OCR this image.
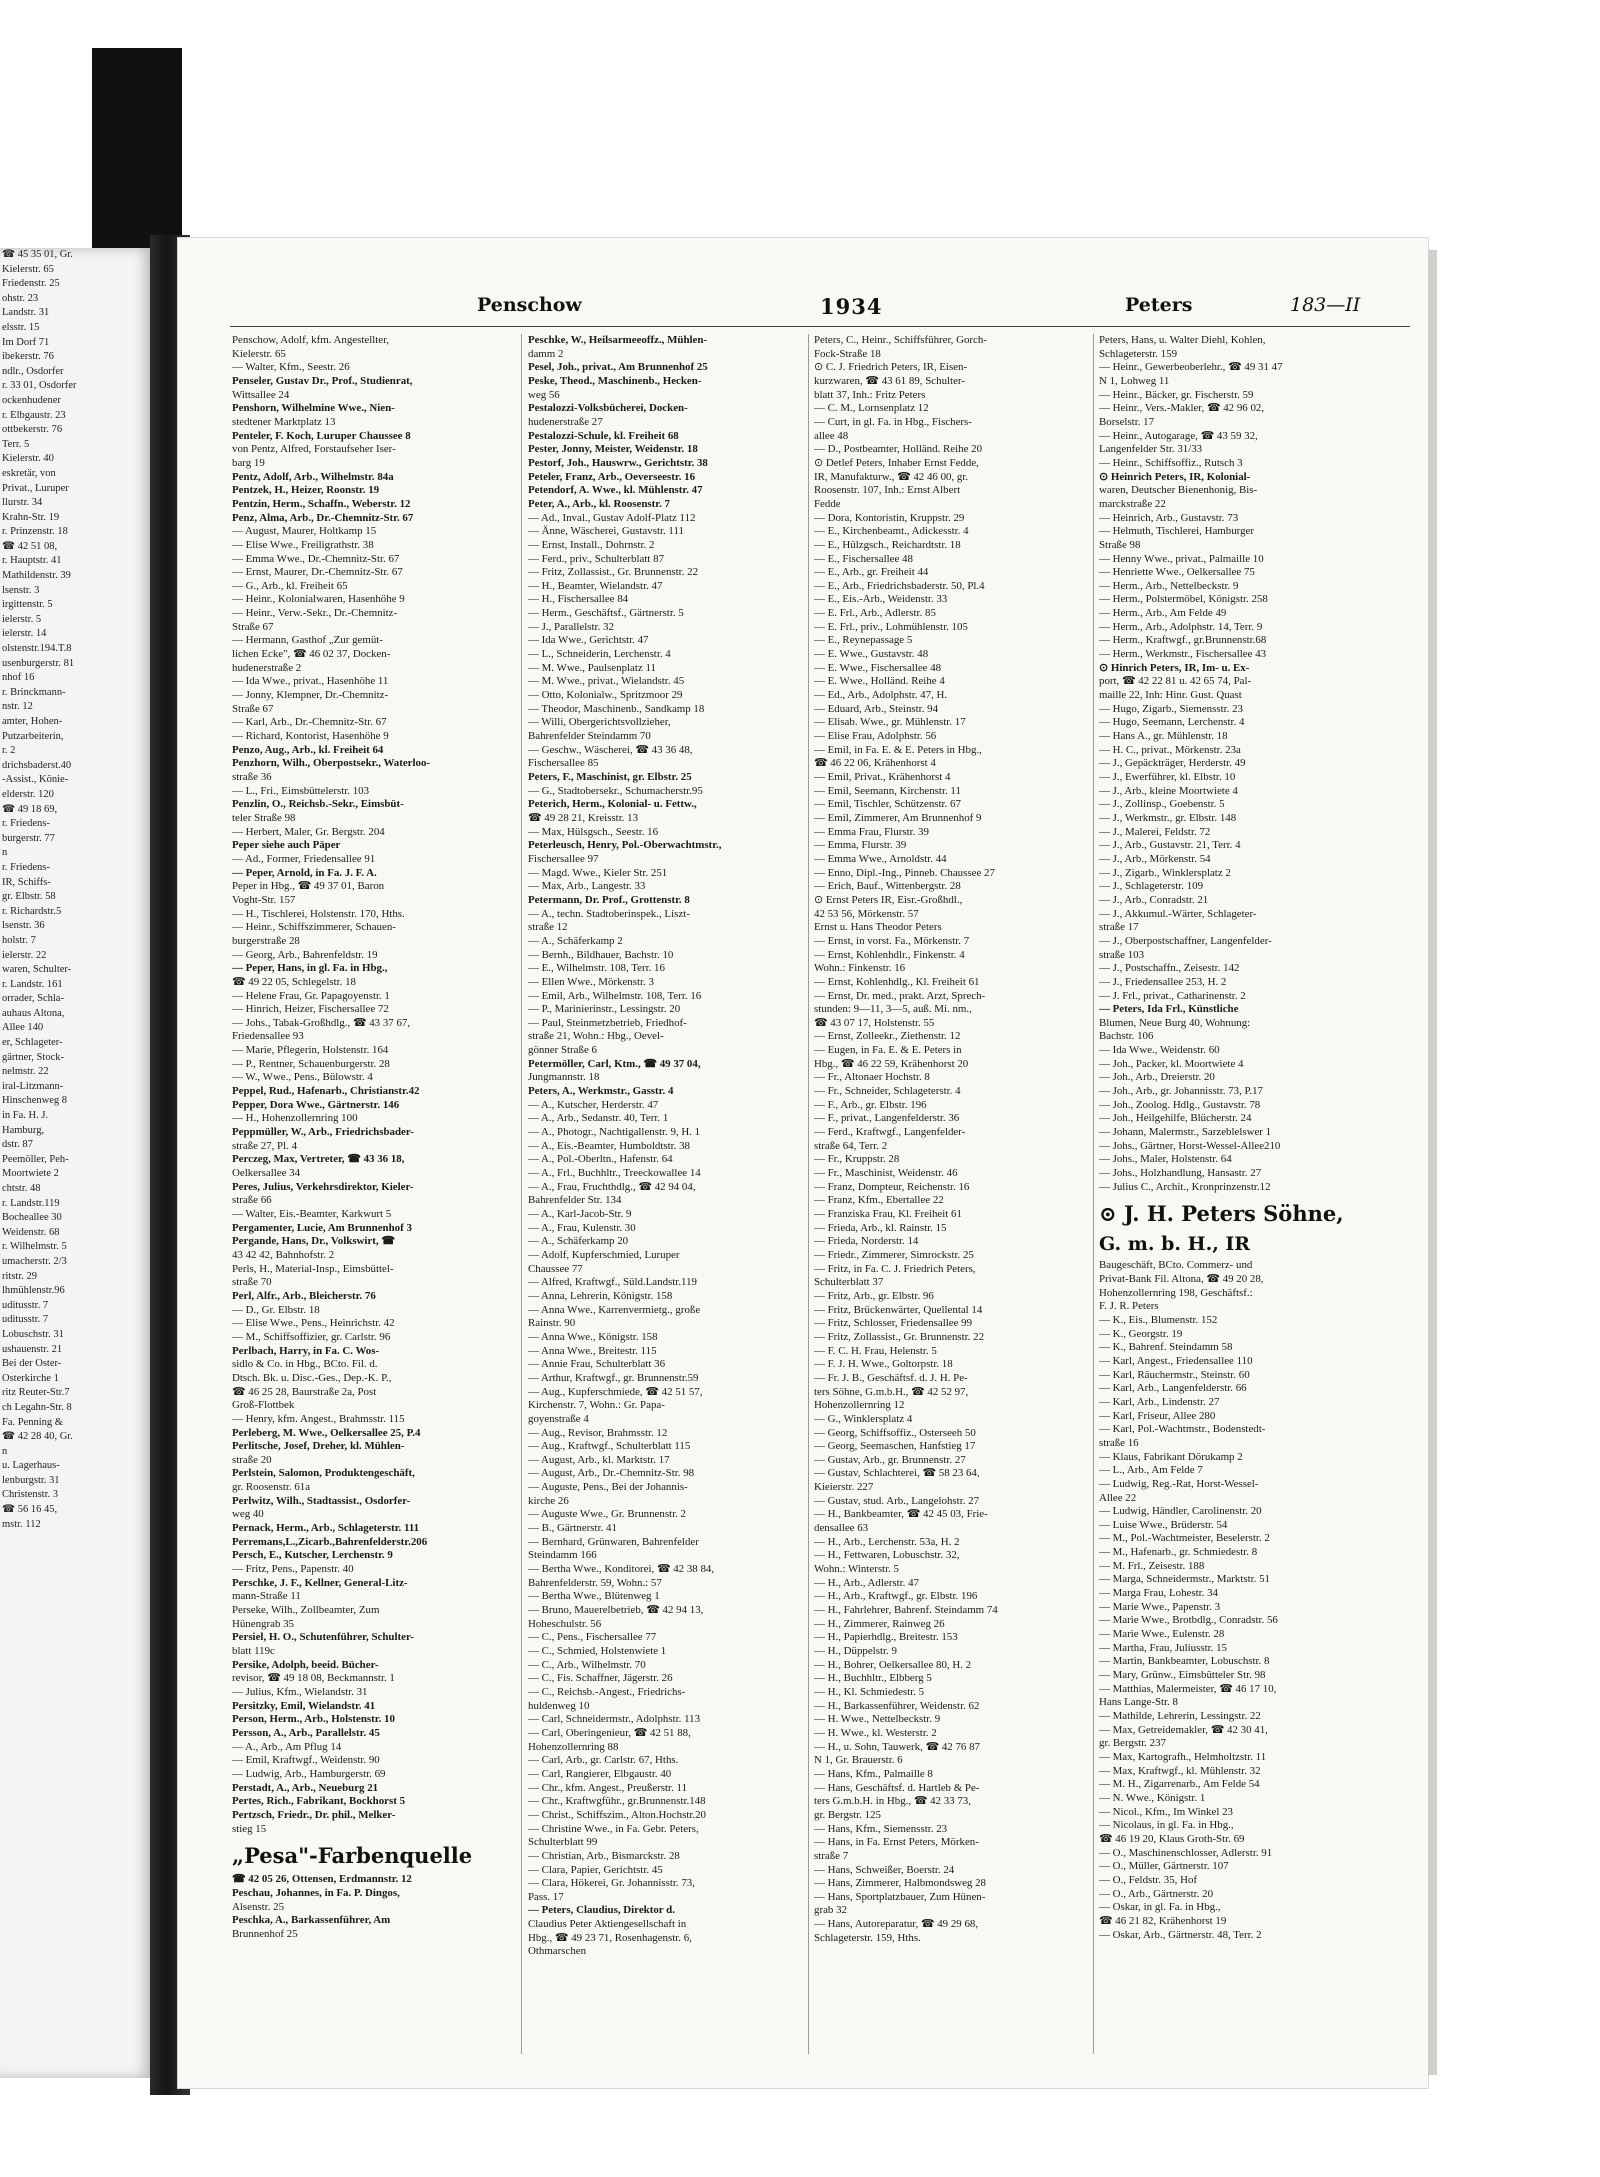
☎ 45 35 01, Gr.
Kielerstr. 65
Friedenstr. 25
ohstr. 23
Landstr. 31
elsstr. 15
Im Dorf 71
ibekerstr. 76
ndlr., Osdorfer
r. 33 01, Osdorfer
ockenhudener
r. Elbgaustr. 23
ottbekerstr. 76
Terr. 5
Kielerstr. 40
eskretär, von
Privat., Luruper
llurstr. 34
Krahn-Str. 19
r. Prinzenstr. 18
☎ 42 51 08,
r. Hauptstr. 41
Mathildenstr. 39
lsenstr. 3
irgittenstr. 5
ielerstr. 5
ielerstr. 14
olstenstr.194.T.8
usenburgerstr. 81
nhof 16
r. Brinckmann-
nstr. 12
amter, Hohen-
Putzarbeiterin,
r. 2
drichsbaderst.40
-Assist., Könie-
elderstr. 120
☎ 49 18 69,
r. Friedens-
burgerstr. 77
n
r. Friedens-
IR, Schiffs-
gr. Elbstr. 58
r. Richardstr.5
lsenstr. 36
holstr. 7
ielerstr. 22
waren, Schulter-
r. Landstr. 161
orrader, Schla-
auhaus Altona,
Allee 140
er, Schlageter-
gärtner, Stock-
nelmstr. 22
iral-Litzmann-
Hinschenweg 8
in Fa. H. J.
Hamburg,
dstr. 87
Peemöller, Peh-
Moortwiete 2
chtstr. 48
r. Landstr.119
Bocheallee 30
Weidenstr. 68
r. Wilhelmstr. 5
umacherstr. 2/3
ritstr. 29
lhmühlenstr.96
uditusstr. 7
uditusstr. 7
Lobuschstr. 31
ushauenstr. 21
Bei der Oster-
Osterkirche 1
ritz Reuter-Str.7
ch Legahn-Str. 8
Fa. Penning &
☎ 42 28 40, Gr.
n
u. Lagerhaus-
lenburgstr. 31
Christenstr. 3
☎ 56 16 45,
mstr. 112
Penschow	1934	Peters	183—II
Penschow, Adolf, kfm. Angestellter,
Kielerstr. 65
— Walter, Kfm., Seestr. 26
Penseler, Gustav Dr., Prof., Studienrat,
Wittsallee 24
Penshorn, Wilhelmine Wwe., Nien-
stedtener Marktplatz 13
Penteler, F. Koch, Luruper Chaussee 8
von Pentz, Alfred, Forstaufseher Iser-
barg 19
Pentz, Adolf, Arb., Wilhelmstr. 84a
Pentzek, H., Heizer, Roonstr. 19
Pentzin, Herm., Schaffn., Weberstr. 12
Penz, Alma, Arb., Dr.-Chemnitz-Str. 67
— August, Maurer, Holtkamp 15
— Elise Wwe., Freiligrathstr. 38
— Emma Wwe., Dr.-Chemnitz-Str. 67
— Ernst, Maurer, Dr.-Chemnitz-Str. 67
— G., Arb., kl. Freiheit 65
— Heinr., Kolonialwaren, Hasenhöhe 9
— Heinr., Verw.-Sekr., Dr.-Chemnitz-
Straße 67
— Hermann, Gasthof „Zur gemüt-
lichen Ecke", ☎ 46 02 37, Docken-
hudenerstraße 2
— Ida Wwe., privat., Hasenhöhe 11
— Jonny, Klempner, Dr.-Chemnitz-
Straße 67
— Karl, Arb., Dr.-Chemnitz-Str. 67
— Richard, Kontorist, Hasenhöhe 9
Penzo, Aug., Arb., kl. Freiheit 64
Penzhorn, Wilh., Oberpostsekr., Waterloo-
straße 36
— L., Fri., Eimsbüttelerstr. 103
Penzlin, O., Reichsb.-Sekr., Eimsbüt-
teler Straße 98
— Herbert, Maler, Gr. Bergstr. 204
Peper siehe auch Päper
— Ad., Former, Friedensallee 91
— Peper, Arnold, in Fa. J. F. A.
Peper in Hbg., ☎ 49 37 01, Baron
Voght-Str. 157
— H., Tischlerei, Holstenstr. 170, Hths.
— Heinr., Schiffszimmerer, Schauen-
burgerstraße 28
— Georg, Arb., Bahrenfeldstr. 19
— Peper, Hans, in gl. Fa. in Hbg.,
☎ 49 22 05, Schlegelstr. 18
— Helene Frau, Gr. Papagoyenstr. 1
— Hinrich, Heizer, Fischersallee 72
— Johs., Tabak-Großhdlg., ☎ 43 37 67,
Friedensallee 93
— Marie, Pflegerin, Holstenstr. 164
— P., Rentner, Schauenburgerstr. 28
— W., Wwe., Pens., Bülowstr. 4
Peppel, Rud., Hafenarb., Christianstr.42
Pepper, Dora Wwe., Gärtnerstr. 146
— H., Hohenzollernring 100
Peppmüller, W., Arb., Friedrichsbader-
straße 27, Pl. 4
Perczeg, Max, Vertreter, ☎ 43 36 18,
Oelkersallee 34
Peres, Julius, Verkehrsdirektor, Kieler-
straße 66
— Walter, Eis.-Beamter, Karkwurt 5
Pergamenter, Lucie, Am Brunnenhof 3
Pergande, Hans, Dr., Volkswirt, ☎
43 42 42, Bahnhofstr. 2
Perls, H., Material-Insp., Eimsbüttel-
straße 70
Perl, Alfr., Arb., Bleicherstr. 76
— D., Gr. Elbstr. 18
— Elise Wwe., Pens., Heinrichstr. 42
— M., Schiffsoffizier, gr. Carlstr. 96
Perlbach, Harry, in Fa. C. Wos-
sidlo & Co. in Hbg., BCto. Fil. d.
Dtsch. Bk. u. Disc.-Ges., Dep.-K. P.,
☎ 46 25 28, Baurstraße 2a, Post
Groß-Flottbek
— Henry, kfm. Angest., Brahmsstr. 115
Perleberg, M. Wwe., Oelkersallee 25, P.4
Perlitsche, Josef, Dreher, kl. Mühlen-
straße 20
Perlstein, Salomon, Produktengeschäft,
gr. Roosenstr. 61a
Perlwitz, Wilh., Stadtassist., Osdorfer-
weg 40
Pernack, Herm., Arb., Schlageterstr. 111
Perremans,L.,Zicarb.,Bahrenfelderstr.206
Persch, E., Kutscher, Lerchenstr. 9
— Fritz, Pens., Papenstr. 40
Perschke, J. F., Kellner, General-Litz-
mann-Straße 11
Perseke, Wilh., Zollbeamter, Zum
Hünengrab 35
Persiel, H. O., Schutenführer, Schulter-
blatt 119c
Persike, Adolph, beeid. Bücher-
revisor, ☎ 49 18 08, Beckmannstr. 1
— Julius, Kfm., Wielandstr. 31
Persitzky, Emil, Wielandstr. 41
Person, Herm., Arb., Holstenstr. 10
Persson, A., Arb., Parallelstr. 45
— A., Arb., Am Pflug 14
— Emil, Kraftwgf., Weidenstr. 90
— Ludwig, Arb., Hamburgerstr. 69
Perstadt, A., Arb., Neueburg 21
Pertes, Rich., Fabrikant, Bockhorst 5
Pertzsch, Friedr., Dr. phil., Melker-
stieg 15
„Pesa"-Farbenquelle
☎ 42 05 26, Ottensen, Erdmannstr. 12
Peschau, Johannes, in Fa. P. Dingos,
Alsenstr. 25
Peschka, A., Barkassenführer, Am
Brunnenhof 25
Peschke, W., Heilsarmeeoffz., Mühlen-
damm 2
Pesel, Joh., privat., Am Brunnenhof 25
Peske, Theod., Maschinenb., Hecken-
weg 56
Pestalozzi-Volksbücherei, Docken-
hudenerstraße 27
Pestalozzi-Schule, kl. Freiheit 68
Pester, Jonny, Meister, Weidenstr. 18
Pestorf, Joh., Hauswrw., Gerichtstr. 38
Peteler, Franz, Arb., Oeverseestr. 16
Petendorf, A. Wwe., kl. Mühlenstr. 47
Peter, A., Arb., kl. Roosenstr. 7
— Ad., Inval., Gustav Adolf-Platz 112
— Änne, Wäscherei, Gustavstr. 111
— Ernst, Install., Dohrnstr. 2
— Ferd., priv., Schulterblatt 87
— Fritz, Zollassist., Gr. Brunnenstr. 22
— H., Beamter, Wielandstr. 47
— H., Fischersallee 84
— Herm., Geschäftsf., Gärtnerstr. 5
— J., Parallelstr. 32
— Ida Wwe., Gerichtstr. 47
— L., Schneiderin, Lerchenstr. 4
— M. Wwe., Paulsenplatz 11
— M. Wwe., privat., Wielandstr. 45
— Otto, Kolonialw., Spritzmoor 29
— Theodor, Maschinenb., Sandkamp 18
— Willi, Obergerichtsvollzieher,
Bahrenfelder Steindamm 70
— Geschw., Wäscherei, ☎ 43 36 48,
Fischersallee 85
Peters, F., Maschinist, gr. Elbstr. 25
— G., Stadtobersekr., Schumacherstr.95
Peterich, Herm., Kolonial- u. Fettw.,
☎ 49 28 21, Kreisstr. 13
— Max, Hülsgsch., Seestr. 16
Peterleusch, Henry, Pol.-Oberwachtmstr.,
Fischersallee 97
— Magd. Wwe., Kieler Str. 251
— Max, Arb., Langestr. 33
Petermann, Dr. Prof., Grottenstr. 8
— A., techn. Stadtoberinspek., Liszt-
straße 12
— A., Schäferkamp 2
— Bernh., Bildhauer, Bachstr. 10
— E., Wilhelmstr. 108, Terr. 16
— Ellen Wwe., Mörkenstr. 3
— Emil, Arb., Wilhelmstr. 108, Terr. 16
— P., Marinierinstr., Lessingstr. 20
— Paul, Steinmetzbetrieb, Friedhof-
straße 21, Wohn.: Hbg., Oevel-
gönner Straße 6
Petermöller, Carl, Ktm., ☎ 49 37 04,
Jungmannstr. 18
Peters, A., Werkmstr., Gasstr. 4
— A., Kutscher, Herderstr. 47
— A., Arb., Sedanstr. 40, Terr. 1
— A., Photogr., Nachtigallenstr. 9, H. 1
— A., Eis.-Beamter, Humboldtstr. 38
— A., Pol.-Oberltn., Hafenstr. 64
— A., Frl., Buchhltr., Treeckowallee 14
— A., Frau, Fruchthdlg., ☎ 42 94 04,
Bahrenfelder Str. 134
— A., Karl-Jacob-Str. 9
— A., Frau, Kulenstr. 30
— A., Schäferkamp 20
— Adolf, Kupferschmied, Luruper
Chaussee 77
— Alfred, Kraftwgf., Süld.Landstr.119
— Anna, Lehrerin, Königstr. 158
— Anna Wwe., Karrenvermietg., große
Rainstr. 90
— Anna Wwe., Königstr. 158
— Anna Wwe., Breitestr. 115
— Annie Frau, Schulterblatt 36
— Arthur, Kraftwgf., gr. Brunnenstr.59
— Aug., Kupferschmiede, ☎ 42 51 57,
Kirchenstr. 7, Wohn.: Gr. Papa-
goyenstraße 4
— Aug., Revisor, Brahmsstr. 12
— Aug., Kraftwgf., Schulterblatt 115
— August, Arb., kl. Marktstr. 17
— August, Arb., Dr.-Chemnitz-Str. 98
— Auguste, Pens., Bei der Johannis-
kirche 26
— Auguste Wwe., Gr. Brunnenstr. 2
— B., Gärtnerstr. 41
— Bernhard, Grünwaren, Bahrenfelder
Steindamm 166
— Bertha Wwe., Konditorei, ☎ 42 38 84,
Bahrenfelderstr. 59, Wohn.: 57
— Bertha Wwe., Blütenweg 1
— Bruno, Mauerelbetrieb, ☎ 42 94 13,
Hoheschulstr. 56
— C., Pens., Fischersallee 77
— C., Schmied, Holstenwiete 1
— C., Arb., Wilhelmstr. 70
— C., Fis. Schaffner, Jägerstr. 26
— C., Reichsb.-Angest., Friedrichs-
huldenweg 10
— Carl, Schneidermstr., Adolphstr. 113
— Carl, Oberingenieur, ☎ 42 51 88,
Hohenzollernring 88
— Carl, Arb., gr. Carlstr. 67, Hths.
— Carl, Rangierer, Elbgaustr. 40
— Chr., kfm. Angest., Preußerstr. 11
— Chr., Kraftwgführ., gr.Brunnenstr.148
— Christ., Schiffszim., Alton.Hochstr.20
— Christine Wwe., in Fa. Gebr. Peters,
Schulterblatt 99
— Christian, Arb., Bismarckstr. 28
— Clara, Papier, Gerichtstr. 45
— Clara, Hökerei, Gr. Johannisstr. 73,
Pass. 17
— Peters, Claudius, Direktor d.
Claudius Peter Aktiengesellschaft in
Hbg., ☎ 49 23 71, Rosenhagenstr. 6,
Othmarschen
Peters, C., Heinr., Schiffsführer, Gorch-
Fock-Straße 18
⊙ C. J. Friedrich Peters, IR, Eisen-
kurzwaren, ☎ 43 61 89, Schulter-
blatt 37, Inh.: Fritz Peters
— C. M., Lornsenplatz 12
— Curt, in gl. Fa. in Hbg., Fischers-
allee 48
— D., Postbeamter, Holländ. Reihe 20
⊙ Detlef Peters, Inhaber Ernst Fedde,
IR, Manufakturw., ☎ 42 46 00, gr.
Roosenstr. 107, Inh.: Ernst Albert
Fedde
— Dora, Kontoristin, Kruppstr. 29
— E., Kirchenbeamt., Adickesstr. 4
— E., Hülzgsch., Reichardtstr. 18
— E., Fischersallee 48
— E., Arb., gr. Freiheit 44
— E., Arb., Friedrichsbaderstr. 50, Pl.4
— E., Eis.-Arb., Weidenstr. 33
— E. Frl., Arb., Adlerstr. 85
— E. Frl., priv., Lohmühlenstr. 105
— E., Reynepassage 5
— E. Wwe., Gustavstr. 48
— E. Wwe., Fischersallee 48
— E. Wwe., Holländ. Reihe 4
— Ed., Arb., Adolphstr. 47, H.
— Eduard, Arb., Steinstr. 94
— Elisab. Wwe., gr. Mühlenstr. 17
— Elise Frau, Adolphstr. 56
— Emil, in Fa. E. & E. Peters in Hbg.,
☎ 46 22 06, Krähenhorst 4
— Emil, Privat., Krähenhorst 4
— Emil, Seemann, Kirchenstr. 11
— Emil, Tischler, Schützenstr. 67
— Emil, Zimmerer, Am Brunnenhof 9
— Emma Frau, Flurstr. 39
— Emma, Flurstr. 39
— Emma Wwe., Arnoldstr. 44
— Enno, Dipl.-Ing., Pinneb. Chaussee 27
— Erich, Bauf., Wittenbergstr. 28
⊙ Ernst Peters IR, Eisr.-Großhdl.,
42 53 56, Mörkenstr. 57
Ernst u. Hans Theodor Peters
— Ernst, in vorst. Fa., Mörkenstr. 7
— Ernst, Kohlenhdlr., Finkenstr. 4
Wohn.: Finkenstr. 16
— Ernst, Kohlenhdlg., Kl. Freiheit 61
— Ernst, Dr. med., prakt. Arzt, Sprech-
stunden: 9—11, 3—5, auß. Mi. nm.,
☎ 43 07 17, Holstenstr. 55
— Ernst, Zolleekr., Ziethenstr. 12
— Eugen, in Fa. E. & E. Peters in
Hbg., ☎ 46 22 59, Krähenhorst 20
— Fr., Altonaer Hochstr. 8
— Fr., Schneider, Schlageterstr. 4
— F., Arb., gr. Elbstr. 196
— F., privat., Langenfelderstr. 36
— Ferd., Kraftwgf., Langenfelder-
straße 64, Terr. 2
— Fr., Kruppstr. 28
— Fr., Maschinist, Weidenstr. 46
— Franz, Dompteur, Reichenstr. 16
— Franz, Kfm., Ebertallee 22
— Franziska Frau, Kl. Freiheit 61
— Frieda, Arb., kl. Rainstr. 15
— Frieda, Norderstr. 14
— Friedr., Zimmerer, Simrockstr. 25
— Fritz, in Fa. C. J. Friedrich Peters,
Schulterblatt 37
— Fritz, Arb., gr. Elbstr. 96
— Fritz, Brückenwärter, Quellental 14
— Fritz, Schlosser, Friedensallee 99
— Fritz, Zollassist., Gr. Brunnenstr. 22
— F. C. H. Frau, Helenstr. 5
— F. J. H. Wwe., Goltorpstr. 18
— Fr. J. B., Geschäftsf. d. J. H. Pe-
ters Söhne, G.m.b.H., ☎ 42 52 97,
Hohenzollernring 12
— G., Winklersplatz 4
— Georg, Schiffsoffiz., Osterseeh 50
— Georg, Seemaschen, Hanfstieg 17
— Gustav, Arb., gr. Brunnenstr. 27
— Gustav, Schlachterei, ☎ 58 23 64,
Kieierstr. 227
— Gustav, stud. Arb., Langelohstr. 27
— H., Bankbeamter, ☎ 42 45 03, Frie-
densallee 63
— H., Arb., Lerchenstr. 53a, H. 2
— H., Fettwaren, Lobuschstr. 32,
Wohn.: Winterstr. 5
— H., Arb., Adlerstr. 47
— H., Arb., Kraftwgf., gr. Elbstr. 196
— H., Fahrlehrer, Bahrenf. Steindamm 74
— H., Zimmerer, Rainweg 26
— H., Papierhdlg., Breitestr. 153
— H., Düppelstr. 9
— H., Bohrer, Oelkersallee 80, H. 2
— H., Buchhltr., Elbberg 5
— H., Kl. Schmiedestr. 5
— H., Barkassenführer, Weidenstr. 62
— H. Wwe., Nettelbeckstr. 9
— H. Wwe., kl. Westerstr. 2
— H., u. Sohn, Tauwerk, ☎ 42 76 87
N 1, Gr. Brauerstr. 6
— Hans, Kfm., Palmaille 8
— Hans, Geschäftsf. d. Hartleb & Pe-
ters G.m.b.H. in Hbg., ☎ 42 33 73,
gr. Bergstr. 125
— Hans, Kfm., Siemensstr. 23
— Hans, in Fa. Ernst Peters, Mörken-
straße 7
— Hans, Schweißer, Boerstr. 24
— Hans, Zimmerer, Halbmondsweg 28
— Hans, Sportplatzbauer, Zum Hünen-
grab 32
— Hans, Autoreparatur, ☎ 49 29 68,
Schlageterstr. 159, Hths.
Peters, Hans, u. Walter Diehl, Kohlen,
Schlageterstr. 159
— Heinr., Gewerbeoberlehr., ☎ 49 31 47
N 1, Lohweg 11
— Heinr., Bäcker, gr. Fischerstr. 59
— Heinr., Vers.-Makler, ☎ 42 96 02,
Borselstr. 17
— Heinr., Autogarage, ☎ 43 59 32,
Langenfelder Str. 31/33
— Heinr., Schiffsoffiz., Rutsch 3
⊙ Heinrich Peters, IR, Kolonial-
waren, Deutscher Bienenhonig, Bis-
marckstraße 22
— Heinrich, Arb., Gustavstr. 73
— Helmuth, Tischlerei, Hamburger
Straße 98
— Henny Wwe., privat., Palmaille 10
— Henriette Wwe., Oelkersallee 75
— Herm., Arb., Nettelbeckstr. 9
— Herm., Polstermöbel, Königstr. 258
— Herm., Arb., Am Felde 49
— Herm., Arb., Adolphstr. 14, Terr. 9
— Herm., Kraftwgf., gr.Brunnenstr.68
— Herm., Werkmstr., Fischersallee 43
⊙ Hinrich Peters, IR, Im- u. Ex-
port, ☎ 42 22 81 u. 42 65 74, Pal-
maille 22, Inh: Hinr. Gust. Quast
— Hugo, Zigarb., Siemensstr. 23
— Hugo, Seemann, Lerchenstr. 4
— Hans A., gr. Mühlenstr. 18
— H. C., privat., Mörkenstr. 23a
— J., Gepäckträger, Herderstr. 49
— J., Ewerführer, kl. Elbstr. 10
— J., Arb., kleine Moortwiete 4
— J., Zollinsp., Goebenstr. 5
— J., Werkmstr., gr. Elbstr. 148
— J., Malerei, Feldstr. 72
— J., Arb., Gustavstr. 21, Terr. 4
— J., Arb., Mörkenstr. 54
— J., Zigarb., Winklersplatz 2
— J., Schlageterstr. 109
— J., Arb., Conradstr. 21
— J., Akkumul.-Wärter, Schlageter-
straße 17
— J., Oberpostschaffner, Langenfelder-
straße 103
— J., Postschaffn., Zeisestr. 142
— J., Friedensallee 253, H. 2
— J. Frl., privat., Catharinenstr. 2
— Peters, Ida Frl., Künstliche
Blumen, Neue Burg 40, Wohnung:
Bachstr. 106
— Ida Wwe., Weidenstr. 60
— Joh., Packer, kl. Moortwiete 4
— Joh., Arb., Dreierstr. 20
— Joh., Arb., gr. Johannisstr. 73, P.17
— Joh., Zoolog. Hdlg., Gustavstr. 78
— Joh., Heilgehilfe, Blücherstr. 24
— Johann, Malermstr., Sarzeblelswer 1
— Johs., Gärtner, Horst-Wessel-Allee210
— Johs., Maler, Holstenstr. 64
— Johs., Holzhandlung, Hansastr. 27
— Julius C., Archit., Kronprinzenstr.12
⊙ J. H. Peters Söhne,
G. m. b. H., IR
Baugeschäft, BCto. Commerz- und
Privat-Bank Fil. Altona, ☎ 49 20 28,
Hohenzollernring 198, Geschäftsf.:
F. J. R. Peters
— K., Eis., Blumenstr. 152
— K., Georgstr. 19
— K., Bahrenf. Steindamm 58
— Karl, Angest., Friedensallee 110
— Karl, Räuchermstr., Steinstr. 60
— Karl, Arb., Langenfelderstr. 66
— Karl, Arb., Lindenstr. 27
— Karl, Friseur, Allee 280
— Karl, Pol.-Wachtmstr., Bodenstedt-
straße 16
— Klaus, Fabrikant Dörukamp 2
— L., Arb., Am Felde 7
— Ludwig, Reg.-Rat, Horst-Wessel-
Allee 22
— Ludwig, Händler, Carolinenstr. 20
— Luise Wwe., Brüderstr. 54
— M., Pol.-Wachtmeister, Beselerstr. 2
— M., Hafenarb., gr. Schmiedestr. 8
— M. Frl., Zeisestr. 188
— Marga, Schneidermstr., Marktstr. 51
— Marga Frau, Lohestr. 34
— Marie Wwe., Papenstr. 3
— Marie Wwe., Brotbdlg., Conradstr. 56
— Marie Wwe., Eulenstr. 28
— Martha, Frau, Juliusstr. 15
— Martin, Bankbeamter, Lobuschstr. 8
— Mary, Grünw., Eimsbütteler Str. 98
— Matthias, Malermeister, ☎ 46 17 10,
Hans Lange-Str. 8
— Mathilde, Lehrerin, Lessingstr. 22
— Max, Getreidemakler, ☎ 42 30 41,
gr. Bergstr. 237
— Max, Kartografh., Helmholtzstr. 11
— Max, Kraftwgf., kl. Mühlenstr. 32
— M. H., Zigarrenarb., Am Felde 54
— N. Wwe., Königstr. 1
— Nicol., Kfm., Im Winkel 23
— Nicolaus, in gl. Fa. in Hbg.,
☎ 46 19 20, Klaus Groth-Str. 69
— O., Maschinenschlosser, Adlerstr. 91
— O., Müller, Gärtnerstr. 107
— O., Feldstr. 35, Hof
— O., Arb., Gärtnerstr. 20
— Oskar, in gl. Fa. in Hbg.,
☎ 46 21 82, Krähenhorst 19
— Oskar, Arb., Gärtnerstr. 48, Terr. 2
